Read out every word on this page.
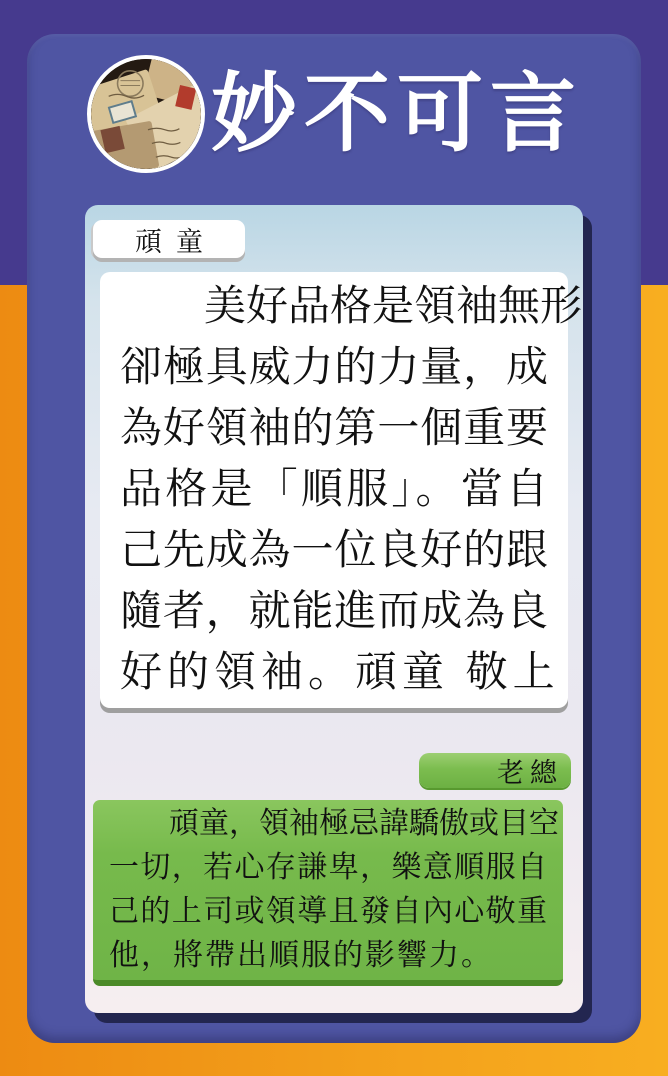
妙不可言
頑童
　　美好品格是領袖無形
卻極具威力的力量，成
為好領袖的第一個重要
品格是「順服」。當自
己先成為一位良好的跟
隨者，就能進而成為良
好的領袖。頑童 敬上
老總
　　頑童，領袖極忌諱驕傲或目空
一切，若心存謙卑，樂意順服自
己的上司或領導且發自內心敬重
他，將帶出順服的影響力。
